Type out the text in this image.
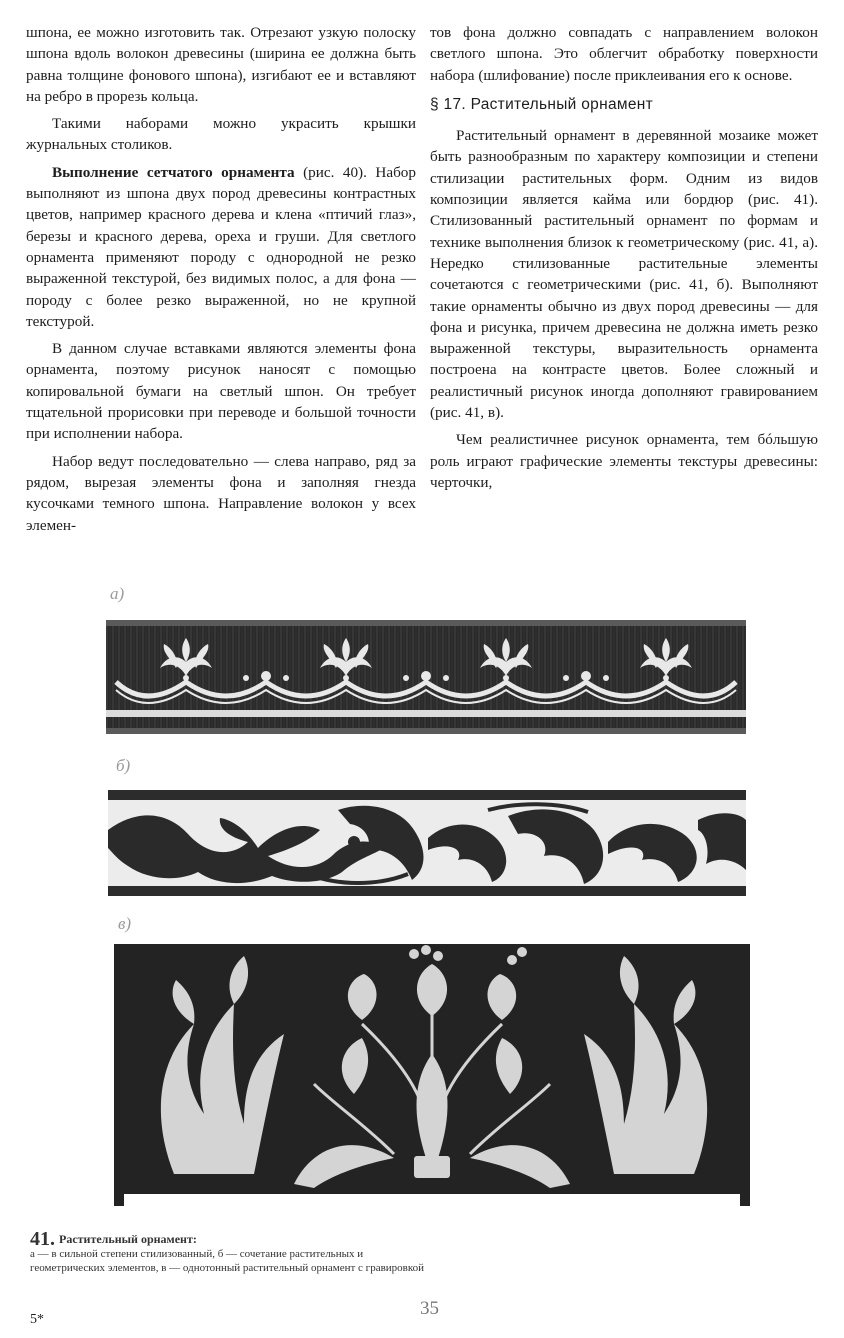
шпона, ее можно изготовить так. Отрезают узкую полоску шпона вдоль волокон древесины (ширина ее должна быть равна толщине фонового шпона), изгибают ее и вставляют на ребро в прорезь кольца.

Такими наборами можно украсить крышки журнальных столиков.

Выполнение сетчатого орнамента (рис. 40). Набор выполняют из шпона двух пород древесины контрастных цветов, например красного дерева и клена «птичий глаз», березы и красного дерева, ореха и груши. Для светлого орнамента применяют породу с однородной не резко выраженной текстурой, без видимых полос, а для фона — породу с более резко выраженной, но не крупной текстурой.

В данном случае вставками являются элементы фона орнамента, поэтому рисунок наносят с помощью копировальной бумаги на светлый шпон. Он требует тщательной прорисовки при переводе и большой точности при исполнении набора.

Набор ведут последовательно — слева направо, ряд за рядом, вырезая элементы фона и заполняя гнезда кусочками темного шпона. Направление волокон у всех элемен-

тов фона должно совпадать с направлением волокон светлого шпона. Это облегчит обработку поверхности набора (шлифование) после приклеивания его к основе.

§ 17. Растительный орнамент

Растительный орнамент в деревянной мозаике может быть разнообразным по характеру композиции и степени стилизации растительных форм. Одним из видов композиции является кайма или бордюр (рис. 41). Стилизованный растительный орнамент по формам и технике выполнения близок к геометрическому (рис. 41, а). Нередко стилизованные растительные элементы сочетаются с геометрическими (рис. 41, б). Выполняют такие орнаменты обычно из двух пород древесины — для фона и рисунка, причем древесина не должна иметь резко выраженной текстуры, выразительность орнамента построена на контрасте цветов. Более сложный и реалистичный рисунок иногда дополняют гравированием (рис. 41, в).

Чем реалистичнее рисунок орнамента, тем бóльшую роль играют графические элементы текстуры древесины: черточки,

а)
б)
в)
41. Растительный орнамент:
а — в сильной степени стилизованный, б — сочетание растительных и геометрических элементов, в — однотонный растительный орнамент с гравировкой
5*
35
